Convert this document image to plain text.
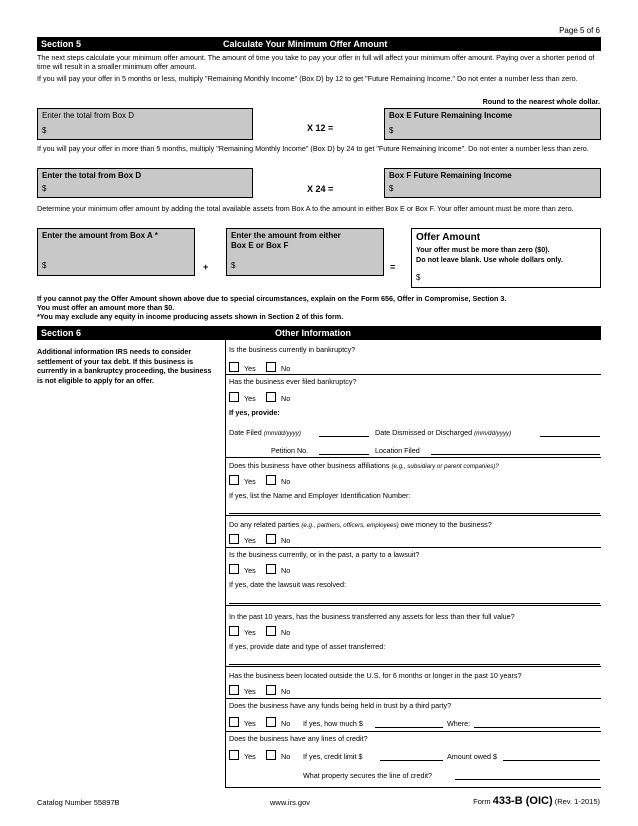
Page 5 of 6
Section 5	Calculate Your Minimum Offer Amount
The next steps calculate your minimum offer amount. The amount of time you take to pay your offer in full will affect your minimum offer amount. Paying over a shorter period of time will result in a smaller minimum offer amount.
If you will pay your offer in 5 months or less, multiply "Remaining Monthly Income" (Box D) by 12 to get "Future Remaining Income." Do not enter a number less than zero.
Round to the nearest whole dollar.
Enter the total from Box D
$	X 12 =
Box E Future Remaining Income
$
If you will pay your offer in more than 5 months, multiply "Remaining Monthly Income" (Box D) by 24 to get "Future Remaining Income". Do not enter a number less than zero.
Enter the total from Box D
$	X 24 =
Box F Future Remaining Income
$
Determine your minimum offer amount by adding the total available assets from Box A to the amount in either Box E or Box F. Your offer amount must be more than zero.
Enter the amount from Box A *
$	+
Enter the amount from either
Box E or Box F
$	=
Offer Amount
Your offer must be more than zero ($0).
Do not leave blank. Use whole dollars only.
$
If you cannot pay the Offer Amount shown above due to special circumstances, explain on the Form 656, Offer in Compromise, Section 3.
You must offer an amount more than $0.
*You may exclude any equity in income producing assets shown in Section 2 of this form.
Section 6	Other Information
Additional information IRS needs to consider settlement of your tax debt. If this business is currently in a bankruptcy proceeding, the business is not eligible to apply for an offer.
Is the business currently in bankruptcy?
Yes	No
Has the business ever filed bankruptcy?
Yes	No
If yes, provide:
Date Filed (mm/dd/yyyy)	Date Dismissed or Discharged (mm/dd/yyyy)
Petition No.	Location Filed
Does this business have other business affiliations (e.g., subsidiary or parent companies)?
Yes	No
If yes, list the Name and Employer Identification Number:
Do any related parties (e.g., partners, officers, employees) owe money to the business?
Yes	No
Is the business currently, or in the past, a party to a lawsuit?
Yes	No
If yes, date the lawsuit was resolved:
In the past 10 years, has the business transferred any assets for less than their full value?
Yes	No
If yes, provide date and type of asset transferred:
Has the business been located outside the U.S. for 6 months or longer in the past 10 years?
Yes	No
Does the business have any funds being held in trust by a third party?
Yes	No If yes, how much $	Where:
Does the business have any lines of credit?
Yes	No If yes, credit limit $	Amount owed $
What property secures the line of credit?
Catalog Number 55897B	www.irs.gov	Form 433-B (OIC) (Rev. 1-2015)
